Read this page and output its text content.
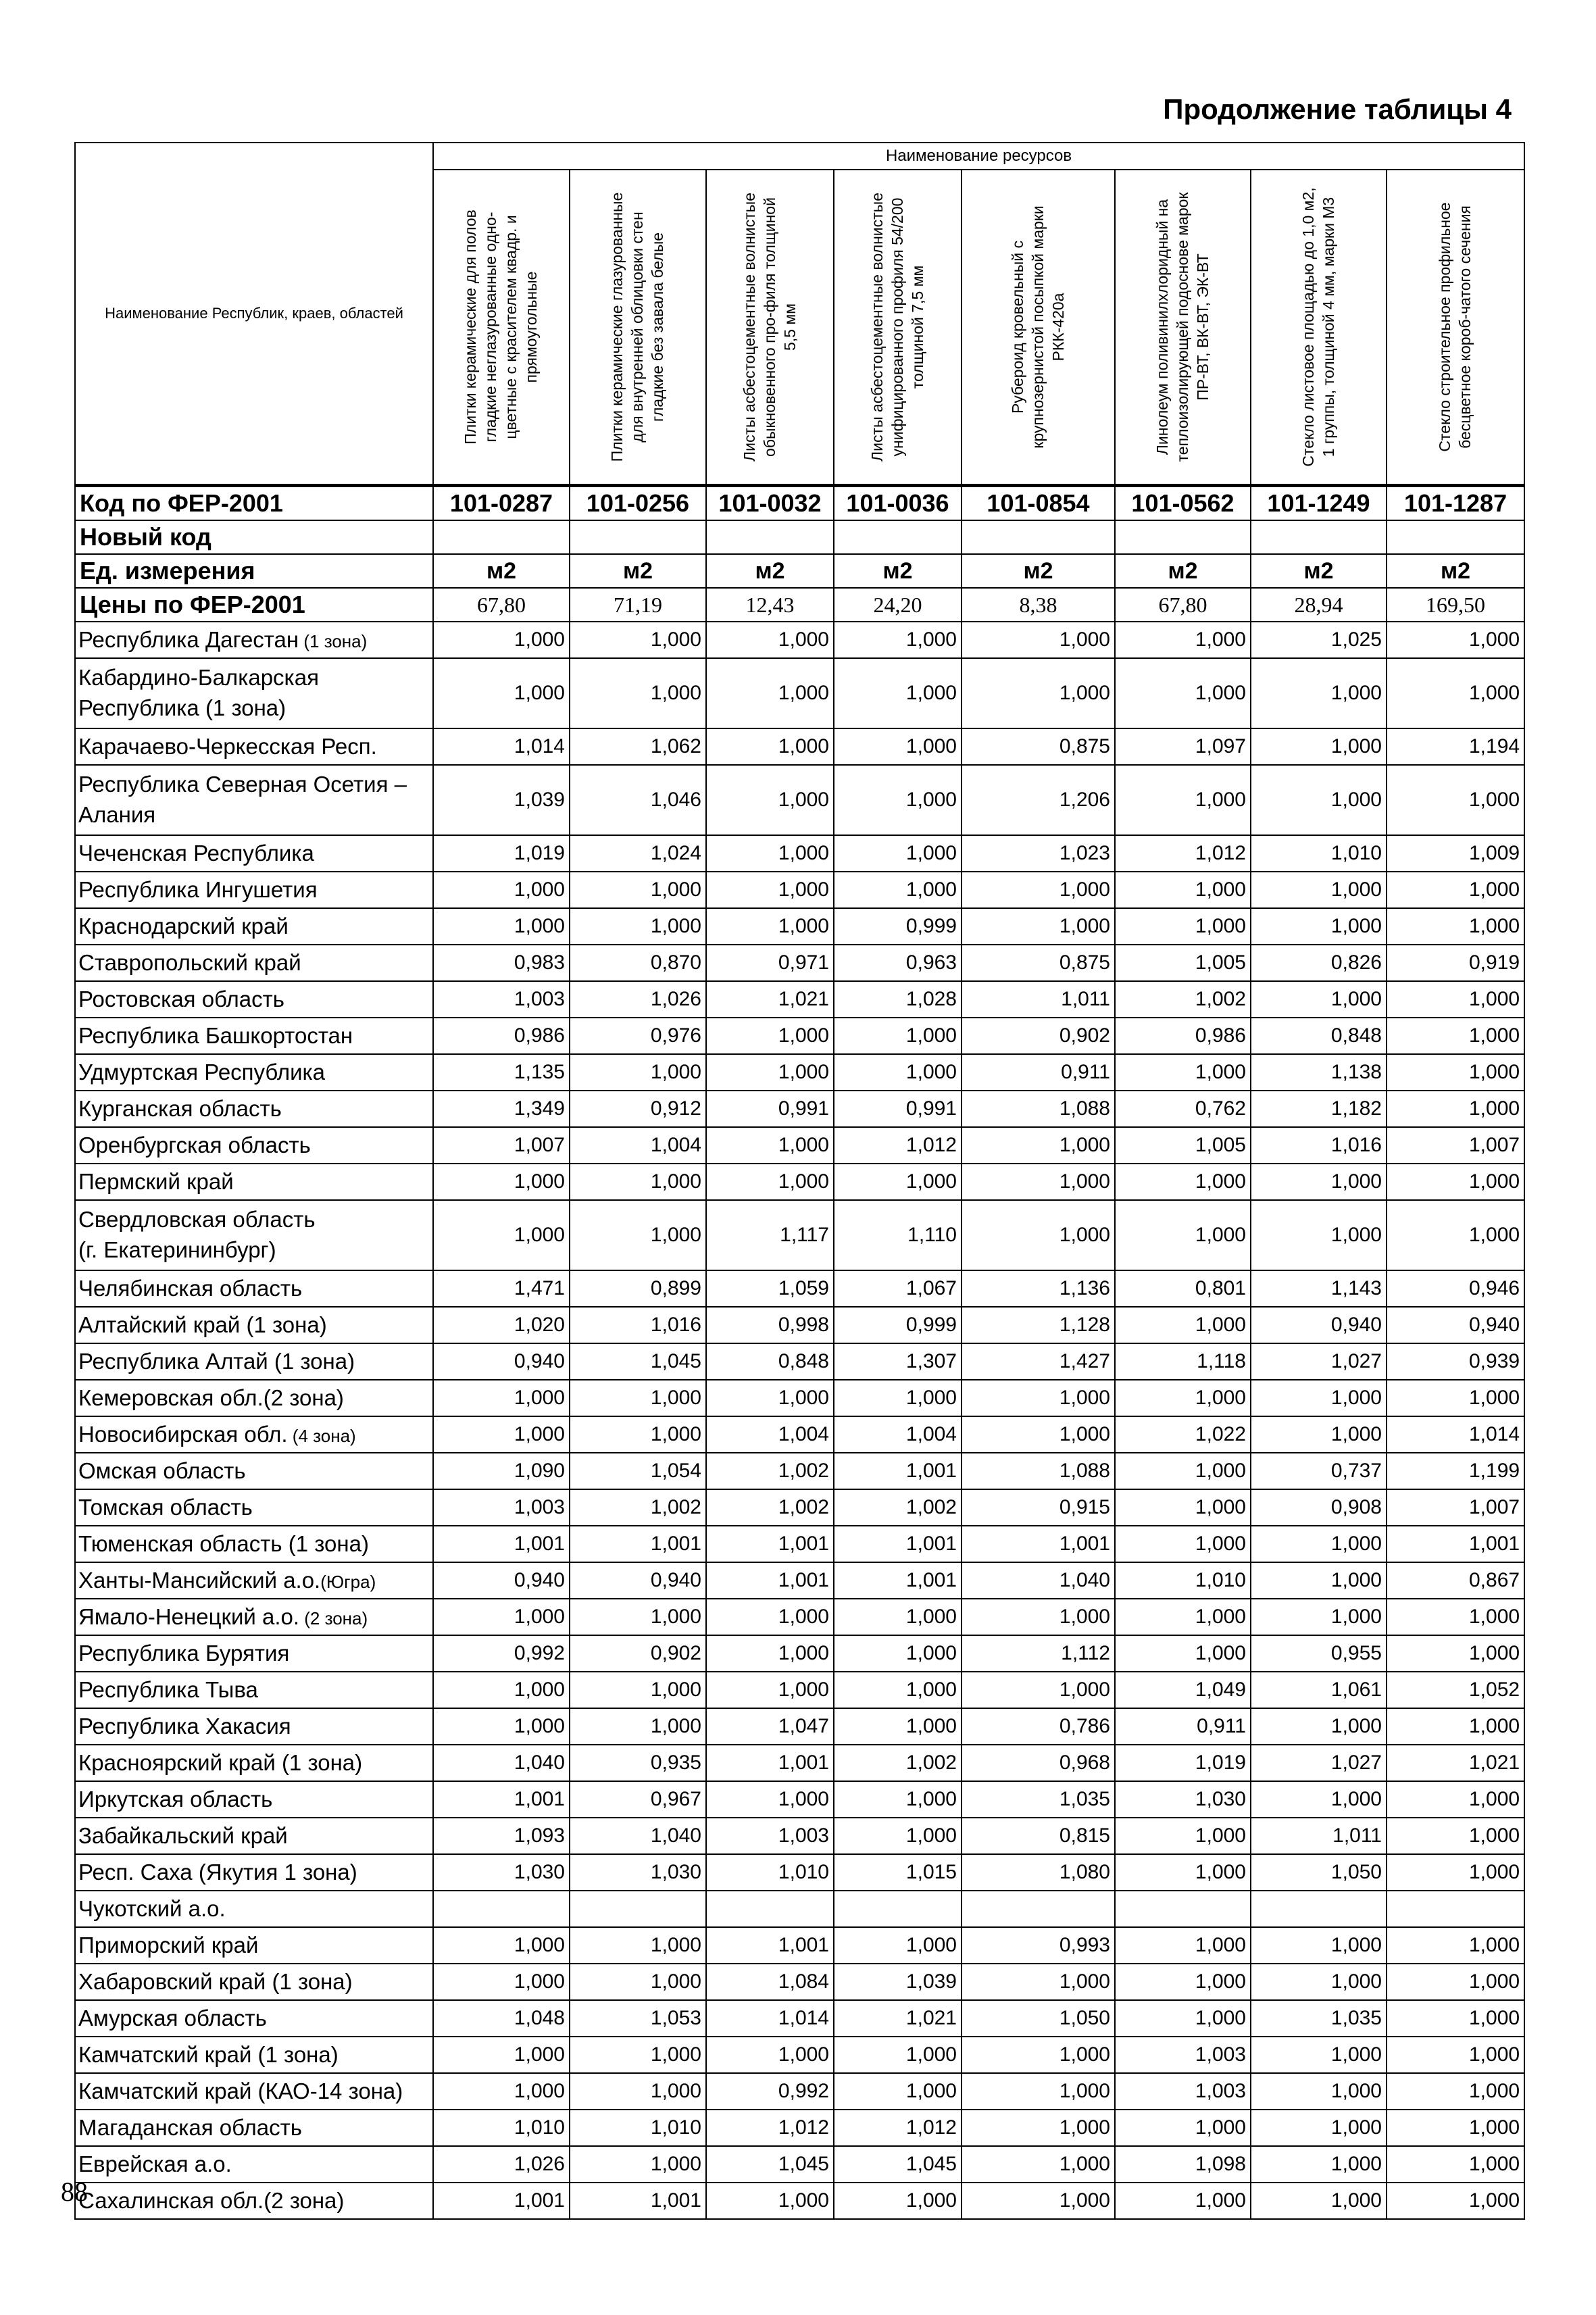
Продолжение таблицы 4
Наименование Республик, краев, областей	Наименование ресурсов							

	Плитки керамические для полов гладкие неглазурованные одно-цветные с красителем квадр. и прямоугольные	Плитки керамические глазурованные для внутренней облицовки стен гладкие без завала белые	Листы асбестоцементные волнистые обыкновенного про-филя толщиной 5,5 мм	Листы асбестоцементные волнистые унифицированного профиля 54/200 толщиной 7,5 мм	Рубероид кровельный с крупнозернистой посыпкой марки РКК-420а	Линолеум поливинилхлоридный на теплоизолирующей подоснове марок ПР-ВТ, ВК-ВТ, ЭК-ВТ	Стекло листовое площадью до 1,0 м2, 1 группы, толщиной 4 мм, марки М3	Стекло строительное профильное бесцветное короб-чатого сечения

Код по ФЕР-2001	101-0287	101-0256	101-0032	101-0036	101-0854	101-0562	101-1249	101-1287
Новый код								
Ед. измерения	м2	м2	м2	м2	м2	м2	м2	м2
Цены по ФЕР-2001	67,80	71,19	12,43	24,20	8,38	67,80	28,94	169,50
Республика Дагестан (1 зона)	1,000	1,000	1,000	1,000	1,000	1,000	1,025	1,000
Кабардино-Балкарская
Республика (1 зона)	1,000	1,000	1,000	1,000	1,000	1,000	1,000	1,000
Карачаево-Черкесская Респ.	1,014	1,062	1,000	1,000	0,875	1,097	1,000	1,194
Республика Северная Осетия –
Алания	1,039	1,046	1,000	1,000	1,206	1,000	1,000	1,000
Чеченская Республика	1,019	1,024	1,000	1,000	1,023	1,012	1,010	1,009
Республика Ингушетия	1,000	1,000	1,000	1,000	1,000	1,000	1,000	1,000
Краснодарский край	1,000	1,000	1,000	0,999	1,000	1,000	1,000	1,000
Ставропольский край	0,983	0,870	0,971	0,963	0,875	1,005	0,826	0,919
Ростовская область	1,003	1,026	1,021	1,028	1,011	1,002	1,000	1,000
Республика Башкортостан	0,986	0,976	1,000	1,000	0,902	0,986	0,848	1,000
Удмуртская Республика	1,135	1,000	1,000	1,000	0,911	1,000	1,138	1,000
Курганская область	1,349	0,912	0,991	0,991	1,088	0,762	1,182	1,000
Оренбургская область	1,007	1,004	1,000	1,012	1,000	1,005	1,016	1,007
Пермский край	1,000	1,000	1,000	1,000	1,000	1,000	1,000	1,000
Свердловская область
(г. Екатерининбург)	1,000	1,000	1,117	1,110	1,000	1,000	1,000	1,000
Челябинская область	1,471	0,899	1,059	1,067	1,136	0,801	1,143	0,946
Алтайский край (1 зона)	1,020	1,016	0,998	0,999	1,128	1,000	0,940	0,940
Республика Алтай (1 зона)	0,940	1,045	0,848	1,307	1,427	1,118	1,027	0,939
Кемеровская обл.(2 зона)	1,000	1,000	1,000	1,000	1,000	1,000	1,000	1,000
Новосибирская обл. (4 зона)	1,000	1,000	1,004	1,004	1,000	1,022	1,000	1,014
Омская область	1,090	1,054	1,002	1,001	1,088	1,000	0,737	1,199
Томская область	1,003	1,002	1,002	1,002	0,915	1,000	0,908	1,007
Тюменская область (1 зона)	1,001	1,001	1,001	1,001	1,001	1,000	1,000	1,001
Ханты-Мансийский а.о.(Югра)	0,940	0,940	1,001	1,001	1,040	1,010	1,000	0,867
Ямало-Ненецкий а.о. (2 зона)	1,000	1,000	1,000	1,000	1,000	1,000	1,000	1,000
Республика Бурятия	0,992	0,902	1,000	1,000	1,112	1,000	0,955	1,000
Республика Тыва	1,000	1,000	1,000	1,000	1,000	1,049	1,061	1,052
Республика Хакасия	1,000	1,000	1,047	1,000	0,786	0,911	1,000	1,000
Красноярский край (1 зона)	1,040	0,935	1,001	1,002	0,968	1,019	1,027	1,021
Иркутская область	1,001	0,967	1,000	1,000	1,035	1,030	1,000	1,000
Забайкальский край	1,093	1,040	1,003	1,000	0,815	1,000	1,011	1,000
Респ. Саха (Якутия 1 зона)	1,030	1,030	1,010	1,015	1,080	1,000	1,050	1,000
Чукотский а.о.								
Приморский край	1,000	1,000	1,001	1,000	0,993	1,000	1,000	1,000
Хабаровский край (1 зона)	1,000	1,000	1,084	1,039	1,000	1,000	1,000	1,000
Амурская область	1,048	1,053	1,014	1,021	1,050	1,000	1,035	1,000
Камчатский край (1 зона)	1,000	1,000	1,000	1,000	1,000	1,003	1,000	1,000
Камчатский край (КАО-14 зона)	1,000	1,000	0,992	1,000	1,000	1,003	1,000	1,000
Магаданская область	1,010	1,010	1,012	1,012	1,000	1,000	1,000	1,000
Еврейская а.о.	1,026	1,000	1,045	1,045	1,000	1,098	1,000	1,000
Сахалинская обл.(2 зона)	1,001	1,001	1,000	1,000	1,000	1,000	1,000	1,000
88
